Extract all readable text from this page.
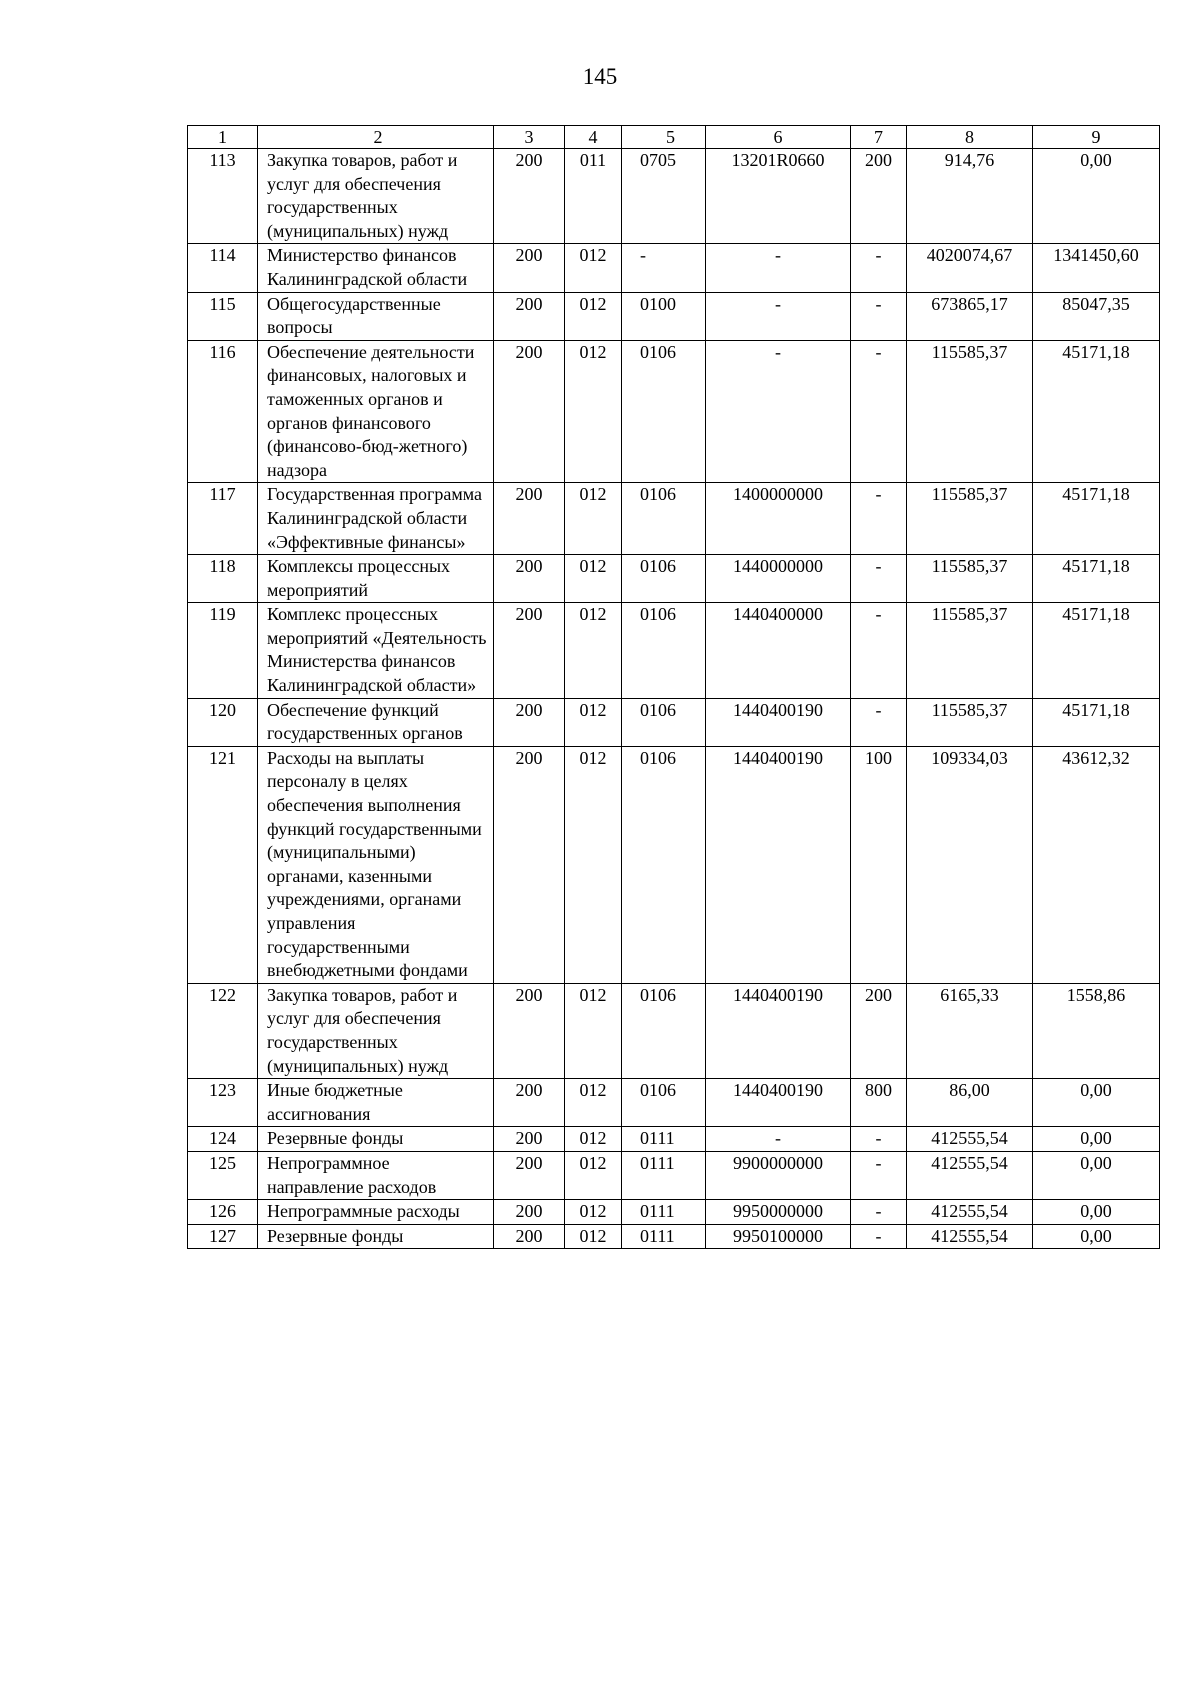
145
1	2	3	4	5	6	7	8	9
113	Закупка товаров, работ и услуг для обеспечения государственных (муниципальных) нужд	200	011	0705	13201R0660	200	914,76	0,00
114	Министерство финансов Калининградской области	200	012	-	-	-	4020074,67	1341450,60
115	Общегосударственные вопросы	200	012	0100	-	-	673865,17	85047,35
116	Обеспечение деятельности финансовых, налоговых и таможенных органов и органов финансового (финансово-бюд-жетного) надзора	200	012	0106	-	-	115585,37	45171,18
117	Государственная программа Калининградской области «Эффективные финансы»	200	012	0106	1400000000	-	115585,37	45171,18
118	Комплексы процессных мероприятий	200	012	0106	1440000000	-	115585,37	45171,18
119	Комплекс процессных мероприятий «Деятельность Министерства финансов Калининградской области»	200	012	0106	1440400000	-	115585,37	45171,18
120	Обеспечение функций государственных органов	200	012	0106	1440400190	-	115585,37	45171,18
121	Расходы на выплаты персоналу в целях обеспечения выполнения функций государственными (муниципальными) органами, казенными учреждениями, органами управления государственными внебюджетными фондами	200	012	0106	1440400190	100	109334,03	43612,32
122	Закупка товаров, работ и услуг для обеспечения государственных (муниципальных) нужд	200	012	0106	1440400190	200	6165,33	1558,86
123	Иные бюджетные ассигнования	200	012	0106	1440400190	800	86,00	0,00
124	Резервные фонды	200	012	0111	-	-	412555,54	0,00
125	Непрограммное направление расходов	200	012	0111	9900000000	-	412555,54	0,00
126	Непрограммные расходы	200	012	0111	9950000000	-	412555,54	0,00
127	Резервные фонды	200	012	0111	9950100000	-	412555,54	0,00
